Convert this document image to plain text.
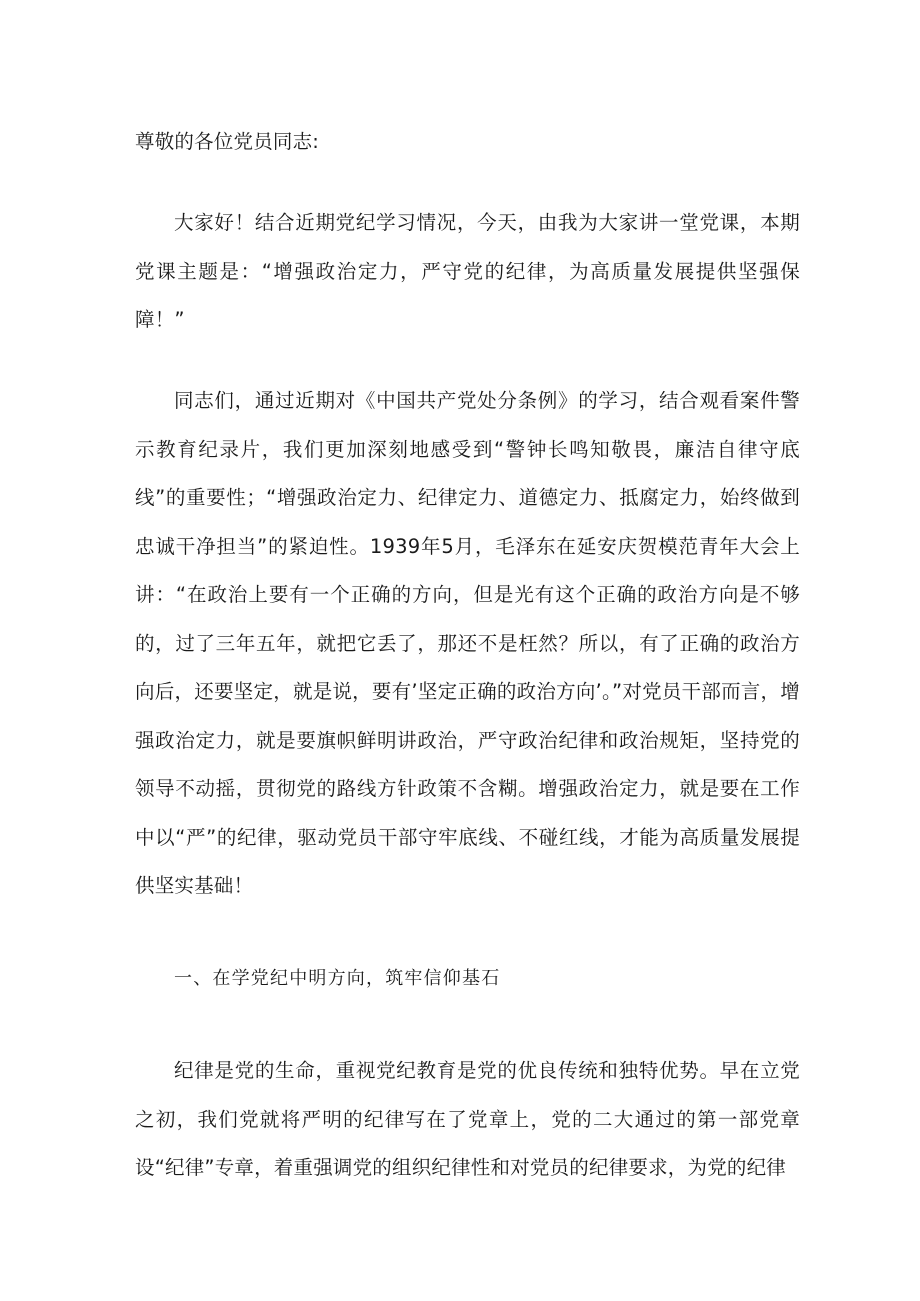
尊敬的各位党员同志:
大家好！结合近期党纪学习情况，今天，由我为大家讲一堂党课，本期党课主题是：“增强政治定力，严守党的纪律，为高质量发展提供坚强保障！”
同志们，通过近期对《中国共产党处分条例》的学习，结合观看案件警示教育纪录片，我们更加深刻地感受到“警钟长鸣知敬畏，廉洁自律守底线”的重要性；“增强政治定力、纪律定力、道德定力、抵腐定力，始终做到忠诚干净担当”的紧迫性。1939年5月，毛泽东在延安庆贺模范青年大会上讲：“在政治上要有一个正确的方向，但是光有这个正确的政治方向是不够的，过了三年五年，就把它丢了，那还不是枉然？所以，有了正确的政治方向后，还要坚定，就是说，要有’坚定正确的政治方向’。”对党员干部而言，增强政治定力，就是要旗帜鲜明讲政治，严守政治纪律和政治规矩，坚持党的领导不动摇，贯彻党的路线方针政策不含糊。增强政治定力，就是要在工作中以“严”的纪律，驱动党员干部守牢底线、不碰红线，才能为高质量发展提供坚实基础！
一、在学党纪中明方向，筑牢信仰基石
纪律是党的生命，重视党纪教育是党的优良传统和独特优势。早在立党之初，我们党就将严明的纪律写在了党章上，党的二大通过的第一部党章设“纪律”专章，着重强调党的组织纪律性和对党员的纪律要求，为党的纪律
